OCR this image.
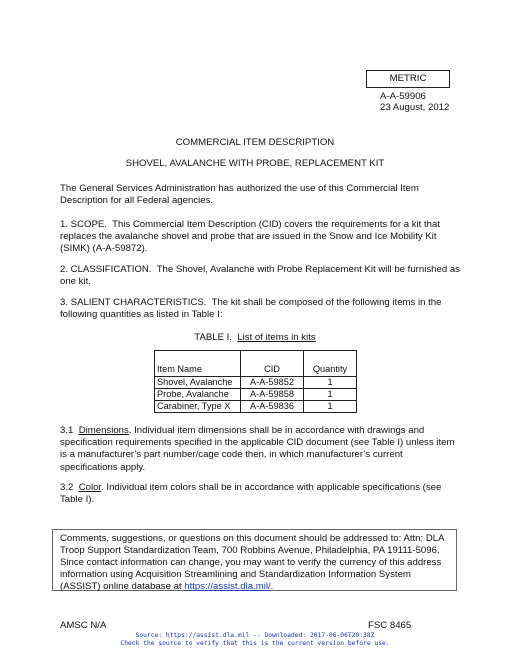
METRIC
A-A-59906
23 August, 2012
COMMERCIAL ITEM DESCRIPTION
SHOVEL, AVALANCHE WITH PROBE, REPLACEMENT KIT

The General Services Administration has authorized the use of this Commercial Item Description for all Federal agencies.

1. SCOPE. This Commercial Item Description (CID) covers the requirements for a kit that replaces the avalanche shovel and probe that are issued in the Snow and Ice Mobility Kit (SIMK) (A-A-59872).

2. CLASSIFICATION. The Shovel, Avalanche with Probe Replacement Kit will be furnished as one kit.

3. SALIENT CHARACTERISTICS. The kit shall be composed of the following items in the following quantities as listed in Table I:

TABLE I. List of items in kits
Item Name	CID	Quantity
Shovel, Avalanche	A-A-59852	1
Probe, Avalanche	A-A-59858	1
Carabiner, Type X	A-A-59836	1

3.1 Dimensions. Individual item dimensions shall be in accordance with drawings and specification requirements specified in the applicable CID document (see Table I) unless item is a manufacturer’s part number/cage code then, in which manufacturer’s current specifications apply.

3.2 Color. Individual item colors shall be in accordance with applicable specifications (see Table I).

Comments, suggestions, or questions on this document should be addressed to: Attn: DLA Troop Support Standardization Team, 700 Robbins Avenue, Philadelphia, PA 19111-5096. Since contact information can change, you may want to verify the currency of this address information using Acquisition Streamlining and Standardization Information System (ASSIST) online database at https://assist.dla.mil/.
AMSC N/A	FSC 8465
Source: https://assist.dla.mil -- Downloaded: 2017-06-06T20:38Z
Check the source to verify that this is the current version before use.
